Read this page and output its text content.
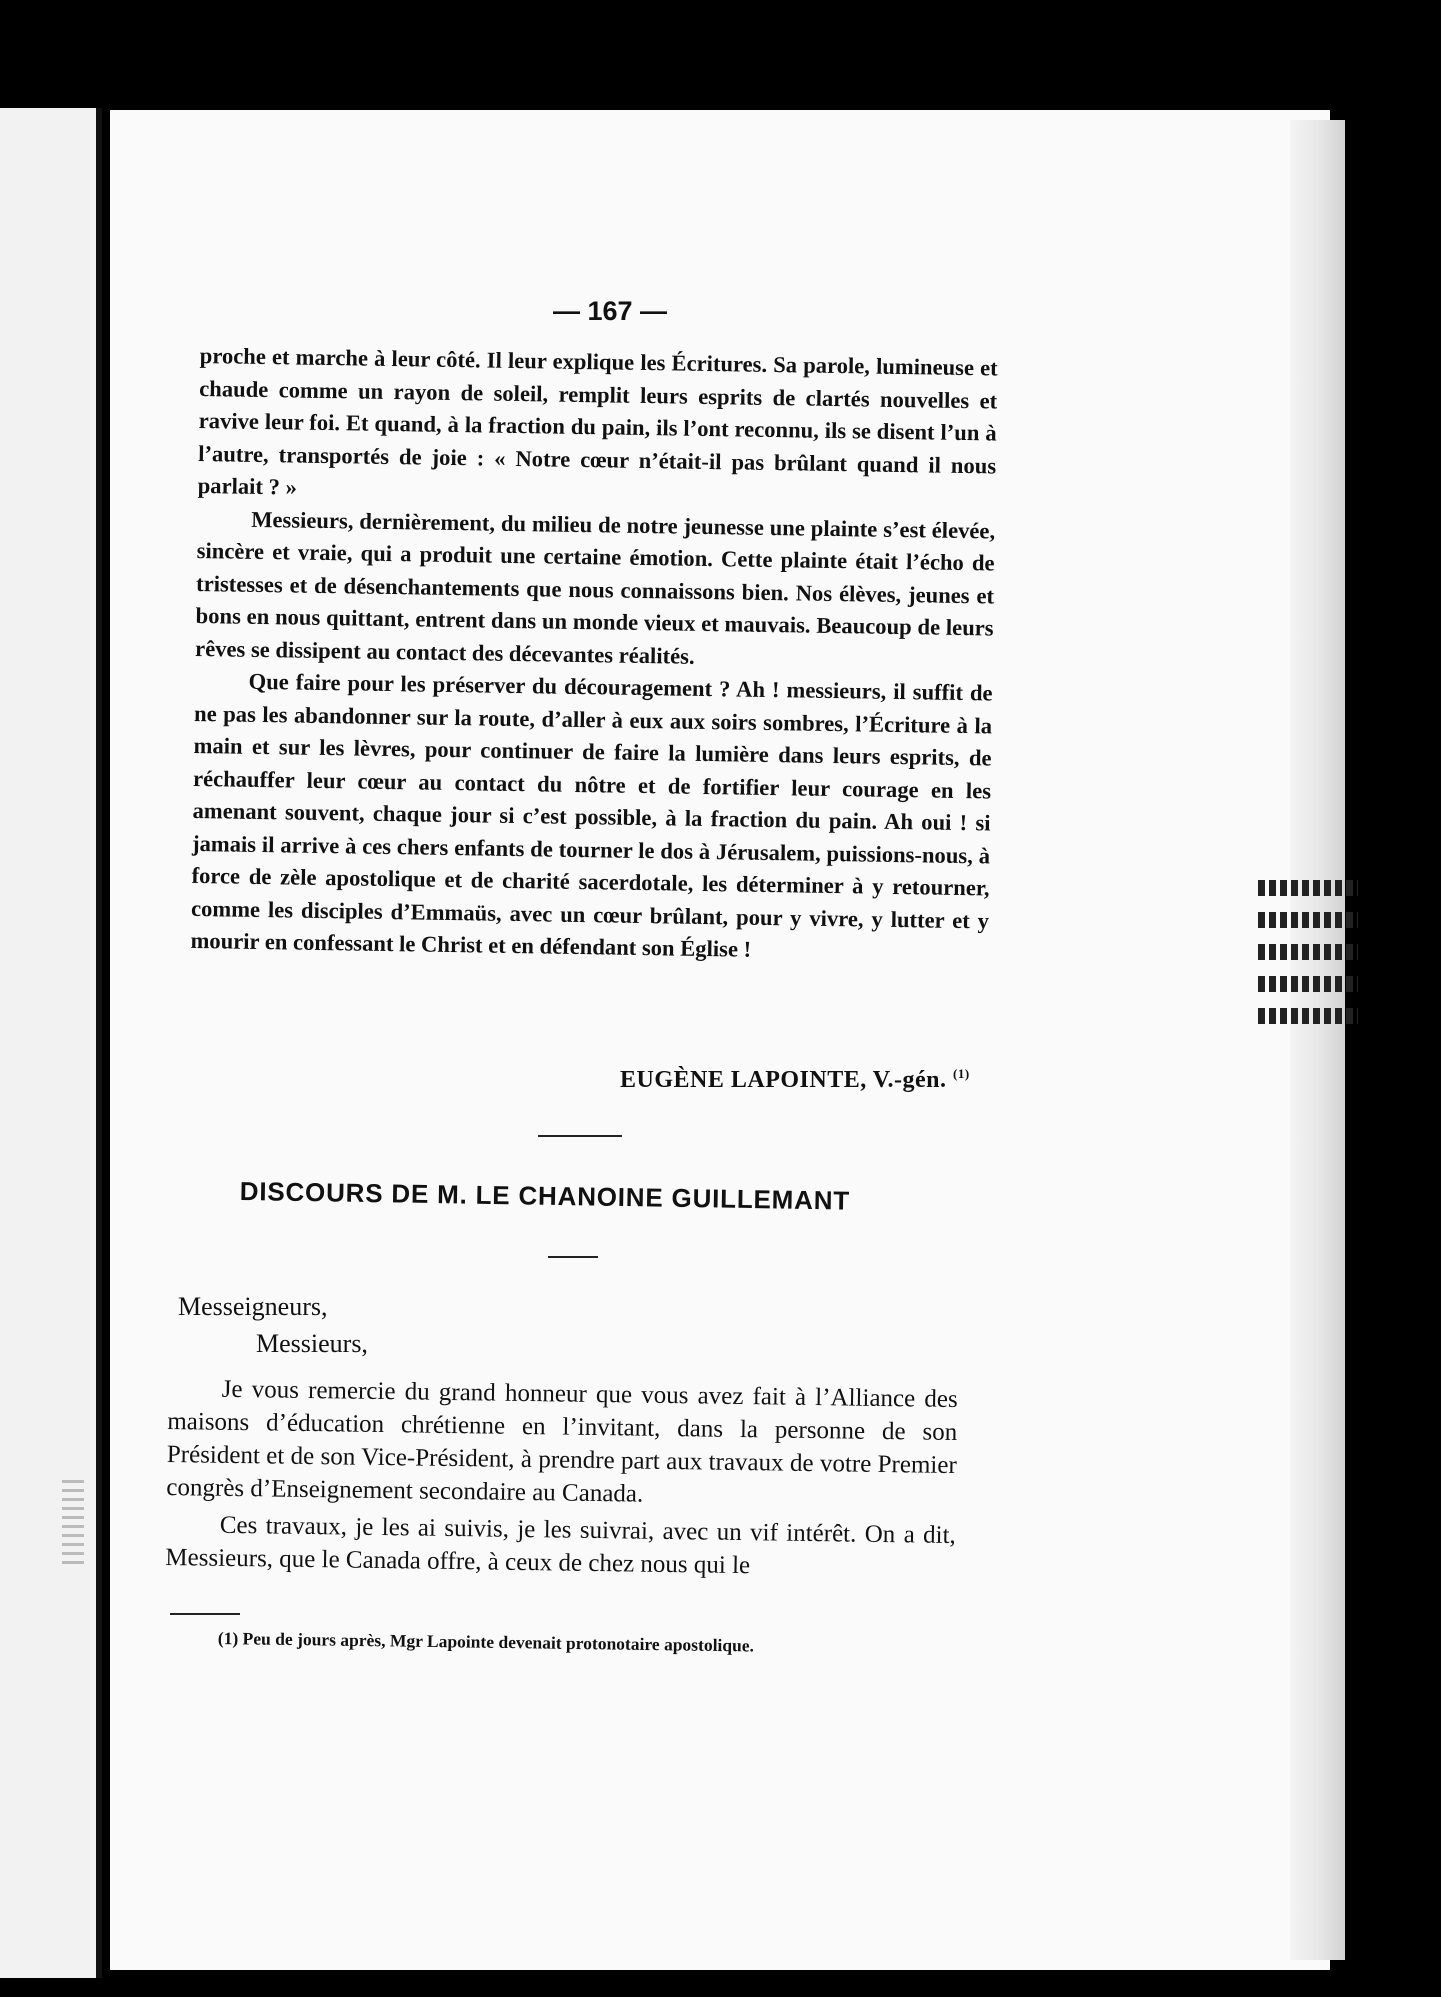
— 167 —

proche et marche à leur côté. Il leur explique les Écritures. Sa parole, lumineuse et chaude comme un rayon de soleil, remplit leurs esprits de clartés nouvelles et ravive leur foi. Et quand, à la fraction du pain, ils l’ont reconnu, ils se disent l’un à l’autre, transportés de joie : « Notre cœur n’était-il pas brûlant quand il nous parlait ? »

Messieurs, dernièrement, du milieu de notre jeunesse une plainte s’est élevée, sincère et vraie, qui a produit une certaine émotion. Cette plainte était l’écho de tristesses et de désenchantements que nous connaissons bien. Nos élèves, jeunes et bons en nous quittant, entrent dans un monde vieux et mauvais. Beaucoup de leurs rêves se dissipent au contact des décevantes réalités.

Que faire pour les préserver du découragement ? Ah ! messieurs, il suffit de ne pas les abandonner sur la route, d’aller à eux aux soirs sombres, l’Écriture à la main et sur les lèvres, pour continuer de faire la lumière dans leurs esprits, de réchauffer leur cœur au contact du nôtre et de fortifier leur courage en les amenant souvent, chaque jour si c’est possible, à la fraction du pain. Ah oui ! si jamais il arrive à ces chers enfants de tourner le dos à Jérusalem, puissions-nous, à force de zèle apostolique et de charité sacerdotale, les déterminer à y retourner, comme les disciples d’Emmaüs, avec un cœur brûlant, pour y vivre, y lutter et y mourir en confessant le Christ et en défendant son Église !

EUGÈNE LAPOINTE, V.-gén. $^{(1)}$
DISCOURS DE M. LE CHANOINE GUILLEMANT
Messeigneurs,
Messieurs,

Je vous remercie du grand honneur que vous avez fait à l’Alliance des maisons d’éducation chrétienne en l’invitant, dans la personne de son Président et de son Vice-Président, à prendre part aux travaux de votre Premier congrès d’Enseignement secondaire au Canada.

Ces travaux, je les ai suivis, je les suivrai, avec un vif intérêt. On a dit, Messieurs, que le Canada offre, à ceux de chez nous qui le

(1) Peu de jours après, Mgr Lapointe devenait protonotaire apostolique.
